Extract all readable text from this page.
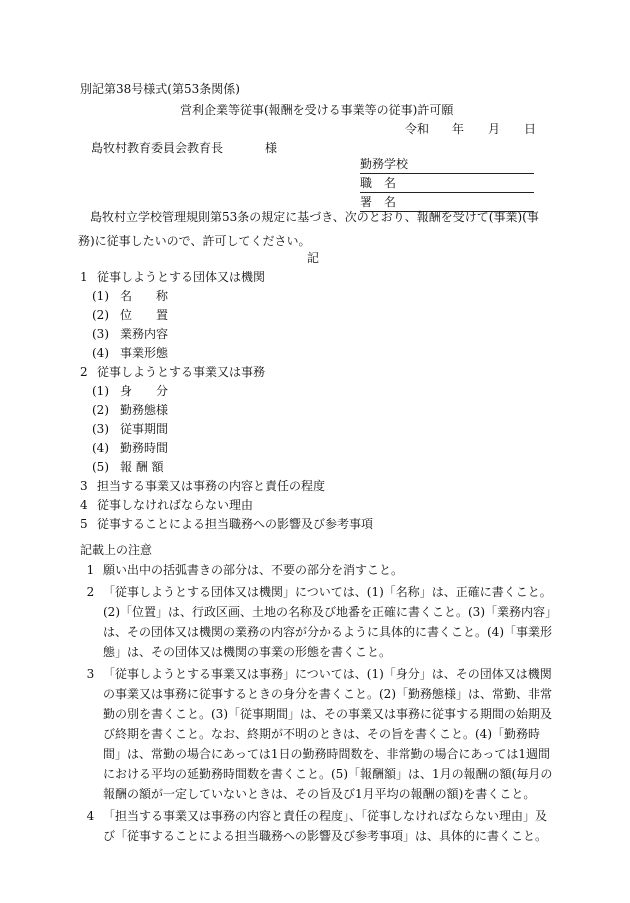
別記第38号様式(第53条関係)
営利企業等従事(報酬を受ける事業等の従事)許可願
令和 年 月 日
島牧村教育委員会教育長	様
勤務学校
職　名
署　名
島牧村立学校管理規則第53条の規定に基づき、次のとおり、報酬を受けて(事業)(事務)に従事したいので、許可してください。
記
1 従事しようとする団体又は機関
(1) 名　　称
(2) 位　　置
(3) 業務内容
(4) 事業形態
2 従事しようとする事業又は事務
(1) 身　　分
(2) 勤務態様
(3) 従事期間
(4) 勤務時間
(5) 報 酬 額
3 担当する事業又は事務の内容と責任の程度
4 従事しなければならない理由
5 従事することによる担当職務への影響及び参考事項
記載上の注意
1 願い出中の括弧書きの部分は、不要の部分を消すこと。
2 「従事しようとする団体又は機関」については、(1)「名称」は、正確に書くこと。(2)「位置」は、行政区画、土地の名称及び地番を正確に書くこと。(3)「業務内容」は、その団体又は機関の業務の内容が分かるように具体的に書くこと。(4)「事業形態」は、その団体又は機関の事業の形態を書くこと。
3 「従事しようとする事業又は事務」については、(1)「身分」は、その団体又は機関の事業又は事務に従事するときの身分を書くこと。(2)「勤務態様」は、常勤、非常勤の別を書くこと。(3)「従事期間」は、その事業又は事務に従事する期間の始期及び終期を書くこと。なお、終期が不明のときは、その旨を書くこと。(4)「勤務時間」は、常勤の場合にあっては1日の勤務時間数を、非常勤の場合にあっては1週間における平均の延勤務時間数を書くこと。(5)「報酬額」は、1月の報酬の額(毎月の報酬の額が一定していないときは、その旨及び1月平均の報酬の額)を書くこと。
4 「担当する事業又は事務の内容と責任の程度」、「従事しなければならない理由」及び「従事することによる担当職務への影響及び参考事項」は、具体的に書くこと。
